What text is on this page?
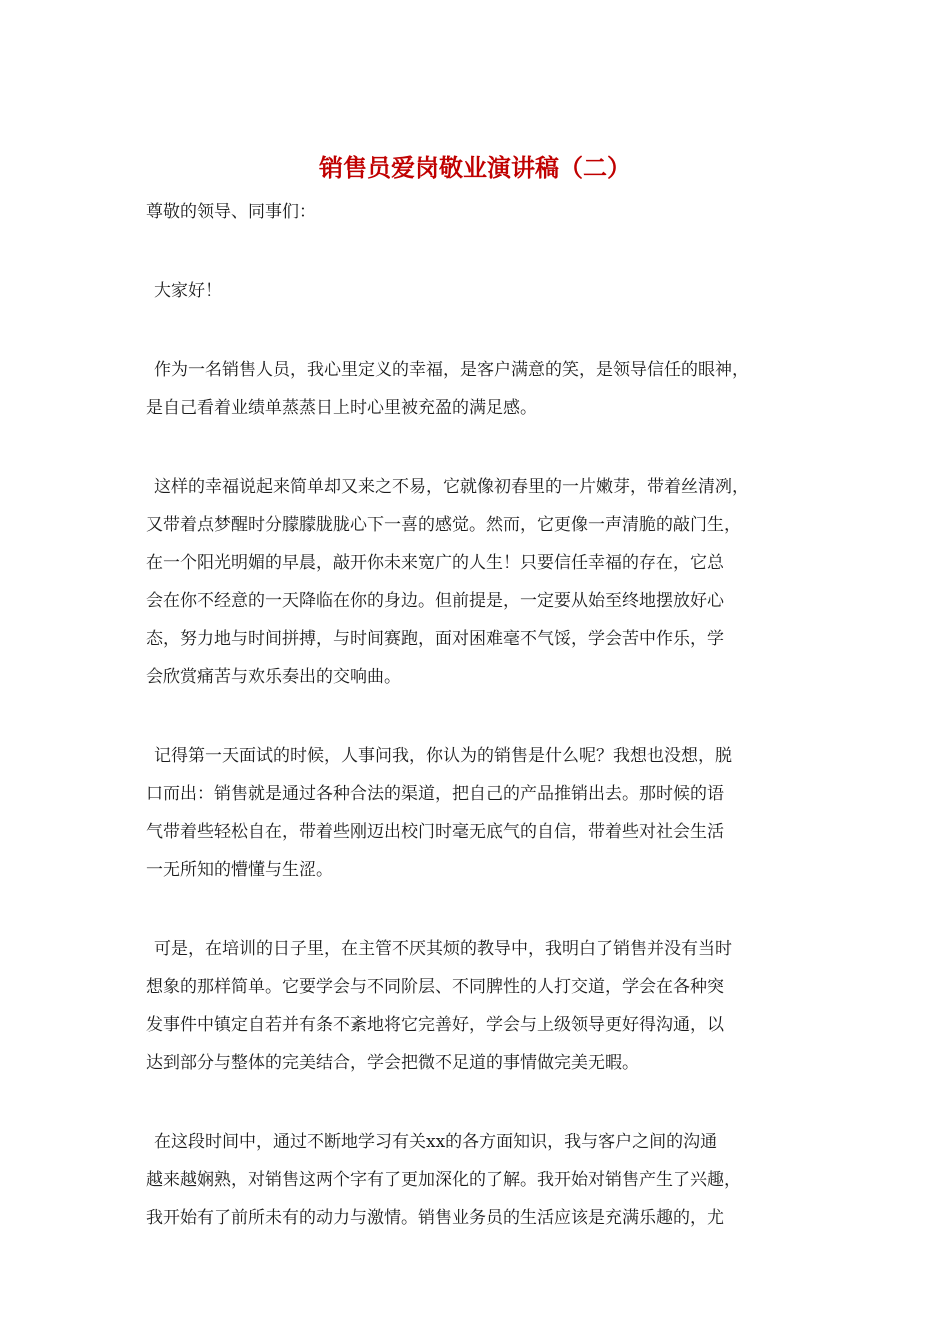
销售员爱岗敬业演讲稿（二）
尊敬的领导、同事们：
大家好！
作为一名销售人员，我心里定义的幸福，是客户满意的笑，是领导信任的眼神，
是自己看着业绩单蒸蒸日上时心里被充盈的满足感。
这样的幸福说起来简单却又来之不易，它就像初春里的一片嫩芽，带着丝清冽，
又带着点梦醒时分朦朦胧胧心下一喜的感觉。然而，它更像一声清脆的敲门生，
在一个阳光明媚的早晨，敲开你未来宽广的人生！只要信任幸福的存在，它总
会在你不经意的一天降临在你的身边。但前提是，一定要从始至终地摆放好心
态，努力地与时间拼搏，与时间赛跑，面对困难毫不气馁，学会苦中作乐，学
会欣赏痛苦与欢乐奏出的交响曲。
记得第一天面试的时候，人事问我，你认为的销售是什么呢？我想也没想，脱
口而出：销售就是通过各种合法的渠道，把自己的产品推销出去。那时候的语
气带着些轻松自在，带着些刚迈出校门时毫无底气的自信，带着些对社会生活
一无所知的懵懂与生涩。
可是，在培训的日子里，在主管不厌其烦的教导中，我明白了销售并没有当时
想象的那样简单。它要学会与不同阶层、不同脾性的人打交道，学会在各种突
发事件中镇定自若并有条不紊地将它完善好，学会与上级领导更好得沟通，以
达到部分与整体的完美结合，学会把微不足道的事情做完美无暇。
在这段时间中，通过不断地学习有关xx的各方面知识，我与客户之间的沟通
越来越娴熟，对销售这两个字有了更加深化的了解。我开始对销售产生了兴趣，
我开始有了前所未有的动力与激情。销售业务员的生活应该是充满乐趣的，尤
